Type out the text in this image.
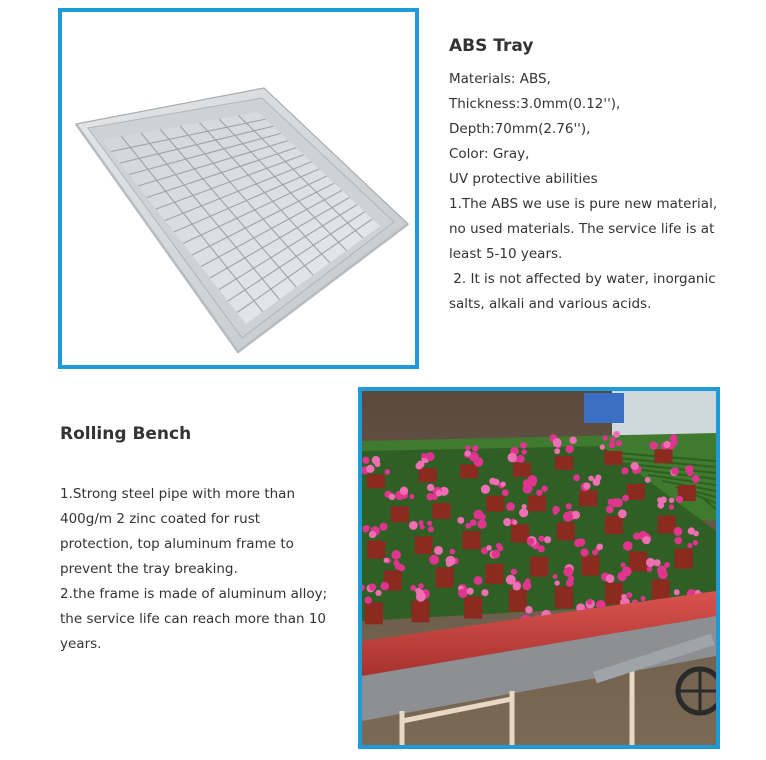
ABS Tray
Materials: ABS,
Thickness:3.0mm(0.12''),
Depth:70mm(2.76''),
Color: Gray,
UV protective abilities
1.The ABS we use is pure new material,
no used materials. The service life is at
least 5-10 years.
2. It is not affected by water, inorganic
salts, alkali and various acids.
Rolling Bench
1.Strong steel pipe with more than
400g/m 2 zinc coated for rust
protection, top aluminum frame to
prevent the tray breaking.
2.the frame is made of aluminum alloy;
the service life can reach more than 10
years.
